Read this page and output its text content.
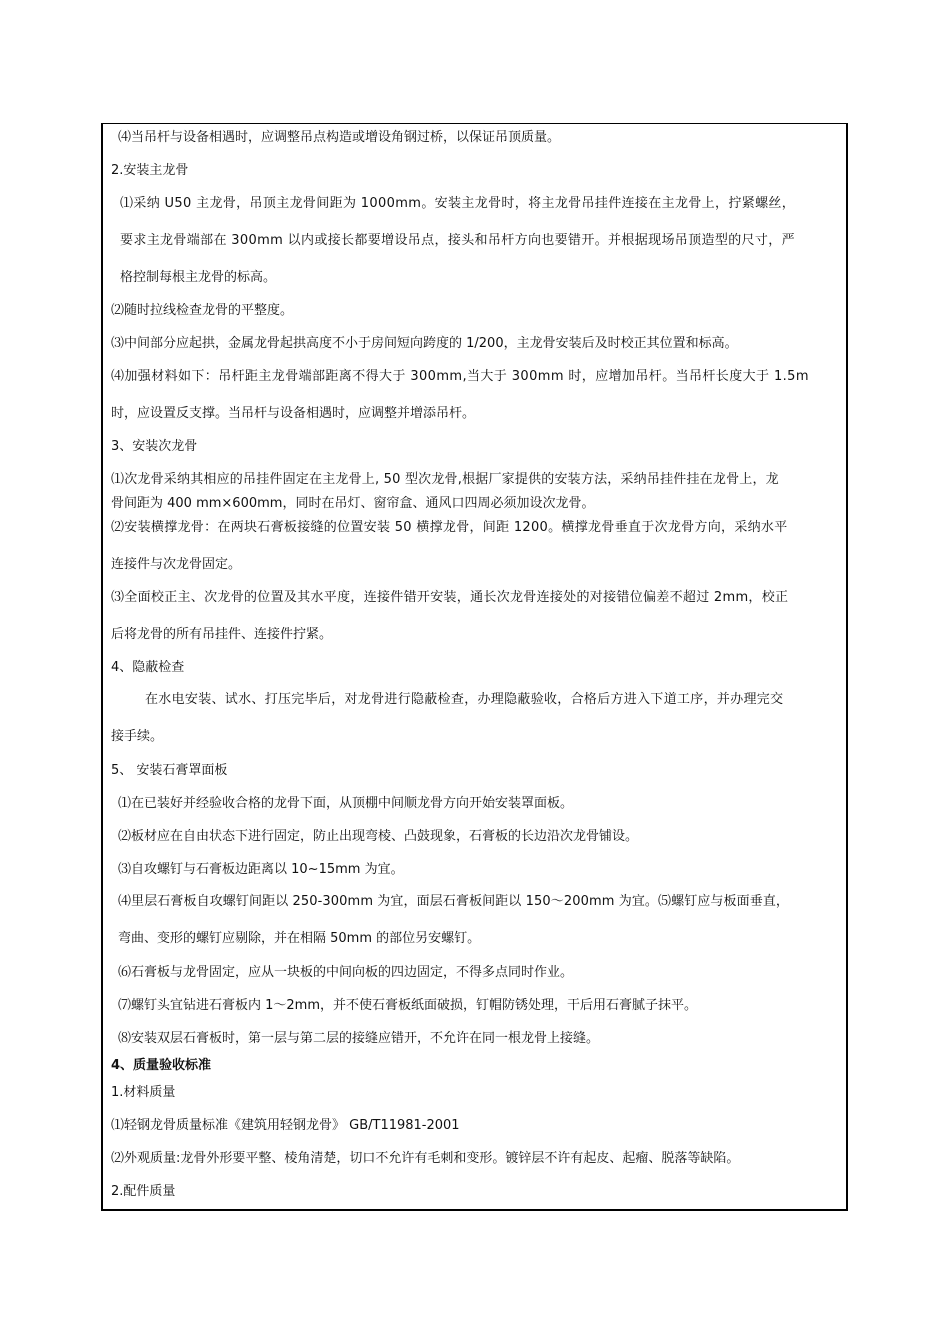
⑷当吊杆与设备相遇时，应调整吊点构造或增设角钢过桥，以保证吊顶质量。
2.安装主龙骨
⑴采纳 U50 主龙骨，吊顶主龙骨间距为 1000mm。安装主龙骨时，将主龙骨吊挂件连接在主龙骨上，拧紧螺丝，
要求主龙骨端部在 300mm 以内或接长都要增设吊点，接头和吊杆方向也要错开。并根据现场吊顶造型的尺寸，严
格控制每根主龙骨的标高。
⑵随时拉线检查龙骨的平整度。
⑶中间部分应起拱，金属龙骨起拱高度不小于房间短向跨度的 1/200，主龙骨安装后及时校正其位置和标高。
⑷加强材料如下：吊杆距主龙骨端部距离不得大于 300mm,当大于 300mm 时，应增加吊杆。当吊杆长度大于 1.5m
时，应设置反支撑。当吊杆与设备相遇时，应调整并增添吊杆。
3、安装次龙骨
⑴次龙骨采纳其相应的吊挂件固定在主龙骨上, 50 型次龙骨,根据厂家提供的安装方法，采纳吊挂件挂在龙骨上，龙
骨间距为 400 mm×600mm，同时在吊灯、窗帘盒、通风口四周必须加设次龙骨。
⑵安装横撑龙骨：在两块石膏板接缝的位置安装 50 横撑龙骨，间距 1200。横撑龙骨垂直于次龙骨方向，采纳水平
连接件与次龙骨固定。
⑶全面校正主、次龙骨的位置及其水平度，连接件错开安装，通长次龙骨连接处的对接错位偏差不超过 2mm，校正
后将龙骨的所有吊挂件、连接件拧紧。
4、隐蔽检查
在水电安装、试水、打压完毕后，对龙骨进行隐蔽检查，办理隐蔽验收，合格后方进入下道工序，并办理完交
接手续。
5、 安装石膏罩面板
⑴在已装好并经验收合格的龙骨下面，从顶棚中间顺龙骨方向开始安装罩面板。
⑵板材应在自由状态下进行固定，防止出现弯棱、凸鼓现象，石膏板的长边沿次龙骨铺设。
⑶自攻螺钉与石膏板边距离以 10~15mm 为宜。
⑷里层石膏板自攻螺钉间距以 250-300mm 为宜，面层石膏板间距以 150～200mm 为宜。⑸螺钉应与板面垂直，
弯曲、变形的螺钉应剔除，并在相隔 50mm 的部位另安螺钉。
⑹石膏板与龙骨固定，应从一块板的中间向板的四边固定，不得多点同时作业。
⑺螺钉头宜钻进石膏板内 1～2mm，并不使石膏板纸面破损，钉帽防锈处理，干后用石膏腻子抹平。
⑻安装双层石膏板时，第一层与第二层的接缝应错开，不允许在同一根龙骨上接缝。
4、质量验收标准
1.材料质量
⑴轻钢龙骨质量标准《建筑用轻钢龙骨》 GB/T11981-2001
⑵外观质量:龙骨外形要平整、棱角清楚，切口不允许有毛刺和变形。镀锌层不许有起皮、起瘤、脱落等缺陷。
2.配件质量
